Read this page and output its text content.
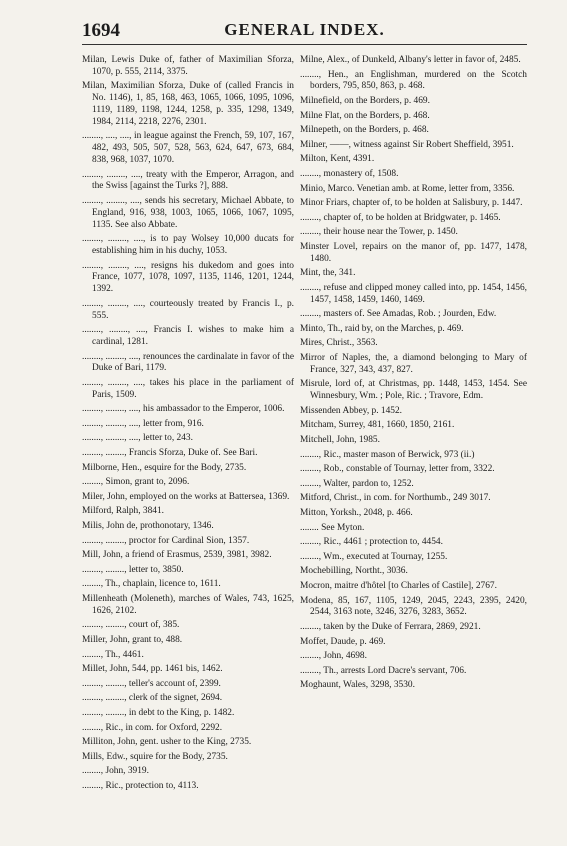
1694	GENERAL INDEX.

Milan, Lewis Duke of, father of Maximilian Sforza, 1070, p. 555, 2114, 3375.

Milan, Maximilian Sforza, Duke of (called Francis in No. 1146), 1, 85, 168, 463, 1065, 1066, 1095, 1096, 1119, 1189, 1198, 1244, 1258, p. 335, 1298, 1349, 1984, 2114, 2218, 2276, 2301.

........, ...., ...., in league against the French, 59, 107, 167, 482, 493, 505, 507, 528, 563, 624, 647, 673, 684, 838, 968, 1037, 1070.

........, ........, ...., treaty with the Emperor, Arragon, and the Swiss [against the Turks ?], 888.

........, ........, ...., sends his secretary, Michael Abbate, to England, 916, 938, 1003, 1065, 1066, 1067, 1095, 1135. See also Abbate.

........, ........, ...., is to pay Wolsey 10,000 ducats for establishing him in his duchy, 1053.

........, ........, ...., resigns his dukedom and goes into France, 1077, 1078, 1097, 1135, 1146, 1201, 1244, 1392.

........, ........, ...., courteously treated by Francis I., p. 555.

........, ........, ...., Francis I. wishes to make him a cardinal, 1281.

........, ........, ...., renounces the cardinalate in favor of the Duke of Bari, 1179.

........, ........, ...., takes his place in the parliament of Paris, 1509.

........, ........, ...., his ambassador to the Emperor, 1006.

........, ........, ...., letter from, 916.

........, ........, ...., letter to, 243.

........, ........, Francis Sforza, Duke of. See Bari.

Milborne, Hen., esquire for the Body, 2735.

........, Simon, grant to, 2096.

Miler, John, employed on the works at Battersea, 1369.

Milford, Ralph, 3841.

Milis, John de, prothonotary, 1346.

........, ........, proctor for Cardinal Sion, 1357.

Mill, John, a friend of Erasmus, 2539, 3981, 3982.

........, ........, letter to, 3850.

........, Th., chaplain, licence to, 1611.

Millenheath (Moleneth), marches of Wales, 743, 1625, 1626, 2102.

........, ........, court of, 385.

Miller, John, grant to, 488.

........, Th., 4461.

Millet, John, 544, pp. 1461 bis, 1462.

........, ........, teller's account of, 2399.

........, ........, clerk of the signet, 2694.

........, ........, in debt to the King, p. 1482.

........, Ric., in com. for Oxford, 2292.

Milliton, John, gent. usher to the King, 2735.

Mills, Edw., squire for the Body, 2735.

........, John, 3919.

........, Ric., protection to, 4113.

Milne, Alex., of Dunkeld, Albany's letter in favor of, 2485.

........, Hen., an Englishman, murdered on the Scotch borders, 795, 850, 863, p. 468.

Milnefield, on the Borders, p. 469.

Milne Flat, on the Borders, p. 468.

Milnepeth, on the Borders, p. 468.

Milner, ——, witness against Sir Robert Sheffield, 3951.

Milton, Kent, 4391.

........, monastery of, 1508.

Minio, Marco. Venetian amb. at Rome, letter from, 3356.

Minor Friars, chapter of, to be holden at Salisbury, p. 1447.

........, chapter of, to be holden at Bridgwater, p. 1465.

........, their house near the Tower, p. 1450.

Minster Lovel, repairs on the manor of, pp. 1477, 1478, 1480.

Mint, the, 341.

........, refuse and clipped money called into, pp. 1454, 1456, 1457, 1458, 1459, 1460, 1469.

........, masters of. See Amadas, Rob. ; Jourden, Edw.

Minto, Th., raid by, on the Marches, p. 469.

Mires, Christ., 3563.

Mirror of Naples, the, a diamond belonging to Mary of France, 327, 343, 437, 827.

Misrule, lord of, at Christmas, pp. 1448, 1453, 1454. See Winnesbury, Wm. ; Pole, Ric. ; Travore, Edm.

Missenden Abbey, p. 1452.

Mitcham, Surrey, 481, 1660, 1850, 2161.

Mitchell, John, 1985.

........, Ric., master mason of Berwick, 973 (ii.)

........, Rob., constable of Tournay, letter from, 3322.

........, Walter, pardon to, 1252.

Mitford, Christ., in com. for Northumb., 249 3017.

Mitton, Yorksh., 2048, p. 466.

........ See Myton.

........, Ric., 4461 ; protection to, 4454.

........, Wm., executed at Tournay, 1255.

Mochebilling, Northt., 3036.

Mocron, maitre d'hôtel [to Charles of Castile], 2767.

Modena, 85, 167, 1105, 1249, 2045, 2243, 2395, 2420, 2544, 3163 note, 3246, 3276, 3283, 3652.

........, taken by the Duke of Ferrara, 2869, 2921.

Moffet, Daude, p. 469.

........, John, 4698.

........, Th., arrests Lord Dacre's servant, 706.

Moghaunt, Wales, 3298, 3530.
